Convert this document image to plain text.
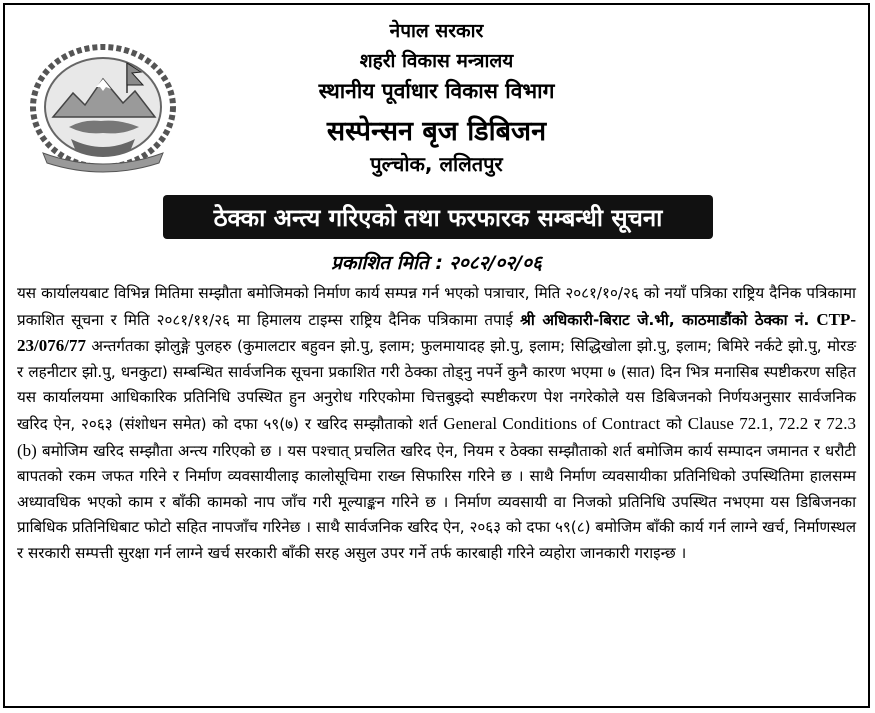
नेपाल सरकार
शहरी विकास मन्त्रालय
स्थानीय पूर्वाधार विकास विभाग
सस्पेन्सन बृज डिबिजन
पुल्चोक, ललितपुर
ठेक्का अन्त्य गरिएको तथा फरफारक सम्बन्धी सूचना
प्रकाशित मिति : २०८२/०२/०६
यस कार्यालयबाट विभिन्न मितिमा सम्झौता बमोजिमको निर्माण कार्य सम्पन्न गर्न भएको पत्राचार, मिति २०८१/१०/२६ को नयाँ पत्रिका राष्ट्रिय दैनिक पत्रिकामा प्रकाशित सूचना र मिति २०८१/११/२६ मा हिमालय टाइम्स राष्ट्रिय दैनिक पत्रिकामा तपाई श्री अधिकारी-बिराट जे.भी, काठमाडौंको ठेक्का नं. CTP-23/076/77 अन्तर्गतका झोलुङ्गे पुलहरु (कुमालटार बहुवन झो.पु, इलाम; फुलमायादह झो.पु, इलाम; सिद्धिखोला झो.पु, इलाम; बिमिरे नर्कटे झो.पु, मोरङ र लहनीटार झो.पु, धनकुटा) सम्बन्धित सार्वजनिक सूचना प्रकाशित गरी ठेक्का तोड्नु नपर्ने कुनै कारण भएमा ७ (सात) दिन भित्र मनासिब स्पष्टीकरण सहित यस कार्यालयमा आधिकारिक प्रतिनिधि उपस्थित हुन अनुरोध गरिएकोमा चित्तबुझ्दो स्पष्टीकरण पेश नगरेकोले यस डिबिजनको निर्णयअनुसार सार्वजनिक खरिद ऐन, २०६३ (संशोधन समेत) को दफा ५९(७) र खरिद सम्झौताको शर्त General Conditions of Contract को Clause 72.1, 72.2 र 72.3 (b) बमोजिम खरिद सम्झौता अन्त्य गरिएको छ । यस पश्चात् प्रचलित खरिद ऐन, नियम र ठेक्का सम्झौताको शर्त बमोजिम कार्य सम्पादन जमानत र धरौटी बापतको रकम जफत गरिने र निर्माण व्यवसायीलाइ कालोसूचिमा राख्न सिफारिस गरिने छ । साथै निर्माण व्यवसायीका प्रतिनिधिको उपस्थितिमा हालसम्म अध्यावधिक भएको काम र बाँकी कामको नाप जाँच गरी मूल्याङ्कन गरिने छ । निर्माण व्यवसायी वा निजको प्रतिनिधि उपस्थित नभएमा यस डिबिजनका प्राबिधिक प्रतिनिधिबाट फोटो सहित नापजाँच गरिनेछ । साथै सार्वजनिक खरिद ऐन, २०६३ को दफा ५९(८) बमोजिम बाँकी कार्य गर्न लाग्ने खर्च, निर्माणस्थल र सरकारी सम्पत्ती सुरक्षा गर्न लाग्ने खर्च सरकारी बाँकी सरह असुल उपर गर्ने तर्फ कारबाही गरिने व्यहोरा जानकारी गराइन्छ ।
